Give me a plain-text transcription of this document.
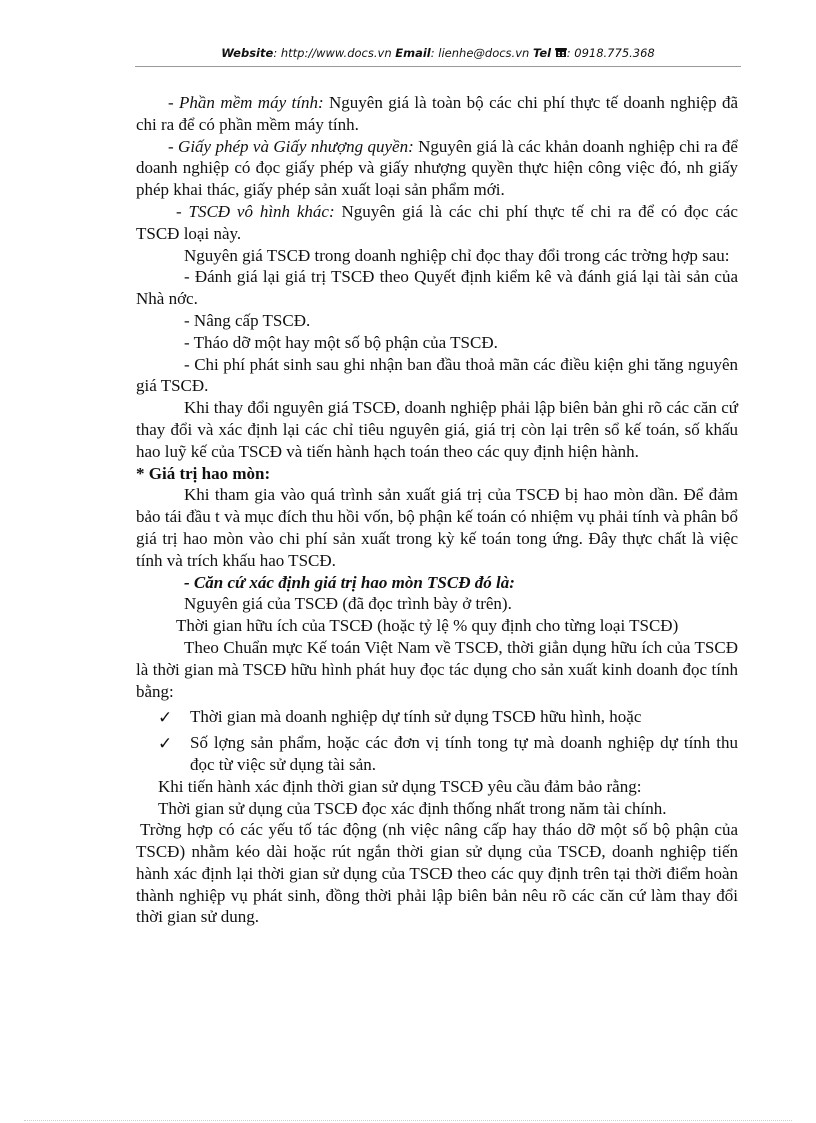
Website: http://www.docs.vn Email: lienhe@docs.vn Tel : 0918.775.368

- Phần mềm máy tính: Nguyên giá là toàn bộ các chi phí thực tế doanh nghiệp đã chi ra để có phần mềm máy tính.

- Giấy phép và Giấy nhượng quyền: Nguyên giá là các khản doanh nghiệp chi ra để doanh nghiệp có đọc giấy phép và giấy nhượng quyền thực hiện công việc đó, nh giấy phép khai thác, giấy phép sản xuất loại sản phẩm mới.

- TSCĐ vô hình khác: Nguyên giá là các chi phí thực tế chi ra để có đọc các TSCĐ loại này.

Nguyên giá TSCĐ trong doanh nghiệp chỉ đọc thay đổi trong các trờng hợp sau:

- Đánh giá lại giá trị TSCĐ theo Quyết định kiểm kê và đánh giá lại tài sản của Nhà nớc.

- Nâng cấp TSCĐ.

- Tháo dỡ một hay một số bộ phận của TSCĐ.

- Chi phí phát sinh sau ghi nhận ban đầu thoả mãn các điều kiện ghi tăng nguyên giá TSCĐ.

Khi thay đổi nguyên giá TSCĐ, doanh nghiệp phải lập biên bản ghi rõ các căn cứ thay đổi và xác định lại các chỉ tiêu nguyên giá, giá trị còn lại trên sổ kế toán, số khấu hao luỹ kế của TSCĐ và tiến hành hạch toán theo các quy định hiện hành.

* Giá trị hao mòn:

Khi tham gia vào quá trình sản xuất giá trị của TSCĐ bị hao mòn dần. Để đảm bảo tái đầu t và mục đích thu hồi vốn, bộ phận kế toán có nhiệm vụ phải tính và phân bổ giá trị hao mòn vào chi phí sản xuất trong kỳ kế toán tong ứng. Đây thực chất là việc tính và trích khấu hao TSCĐ.

- Căn cứ xác định giá trị hao mòn TSCĐ đó là:

Nguyên giá của TSCĐ (đã đọc trình bày ở trên).

Thời gian hữu ích của TSCĐ (hoặc tỷ lệ % quy định cho từng loại TSCĐ)

Theo Chuẩn mực Kế toán Việt Nam về TSCĐ, thời giẳn dụng hữu ích của TSCĐ là thời gian mà TSCĐ hữu hình phát huy đọc tác dụng cho sản xuất kinh doanh đọc tính bằng:

✓ Thời gian mà doanh nghiệp dự tính sử dụng TSCĐ hữu hình, hoặc

✓ Số lợng sản phẩm, hoặc các đơn vị tính tong tự mà doanh nghiệp dự tính thu đọc từ việc sử dụng tài sản.

Khi tiến hành xác định thời gian sử dụng TSCĐ yêu cầu đảm bảo rằng:

Thời gian sử dụng của TSCĐ đọc xác định thống nhất trong năm tài chính.

Trờng hợp có các yếu tố tác động (nh việc nâng cấp hay tháo dỡ một số bộ phận của TSCĐ) nhằm kéo dài hoặc rút ngắn thời gian sử dụng của TSCĐ, doanh nghiệp tiến hành xác định lại thời gian sử dụng của TSCĐ theo các quy định trên tại thời điểm hoàn thành nghiệp vụ phát sinh, đồng thời phải lập biên bản nêu rõ các căn cứ làm thay đổi thời gian sử dung.
